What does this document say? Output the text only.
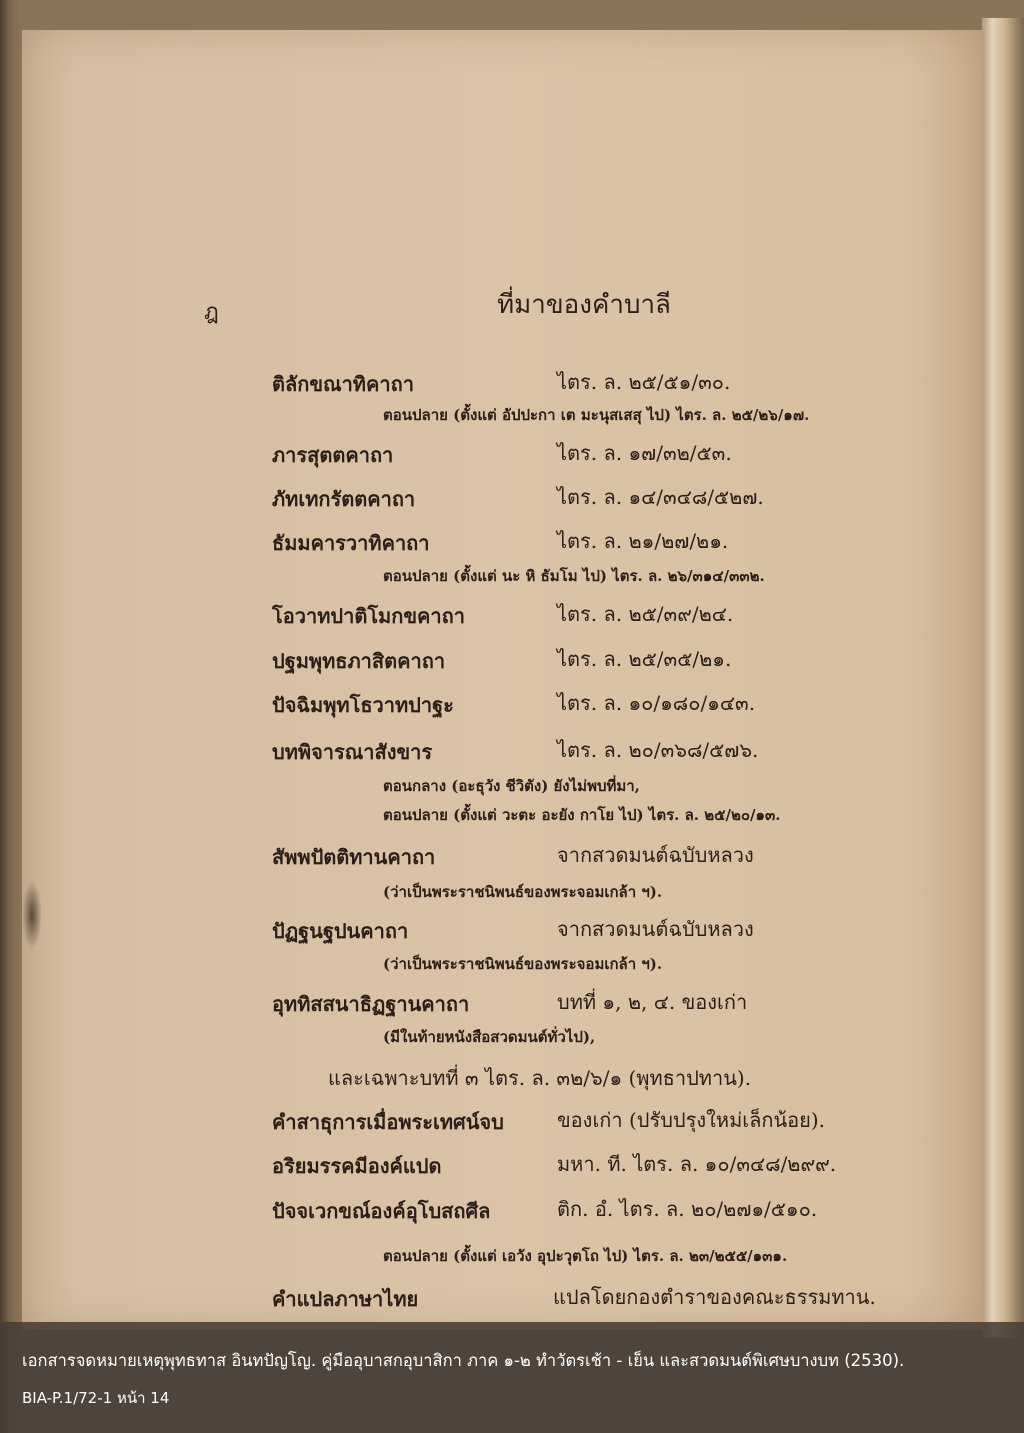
ฎ	ที่มาของคำบาลี
ติลักขณาทิคาถา	ไตร. ล. ๒๕/๕๑/๓๐.
ตอนปลาย (ตั้งแต่ อัปปะกา เต มะนุสเสสุ ไป) ไตร. ล. ๒๕/๒๖/๑๗.
ภารสุตตคาถา	ไตร. ล. ๑๗/๓๒/๕๓.
ภัทเทกรัตตคาถา	ไตร. ล. ๑๔/๓๔๘/๕๒๗.
ธัมมคารวาทิคาถา	ไตร. ล. ๒๑/๒๗/๒๑.
ตอนปลาย (ตั้งแต่ นะ หิ ธัมโม ไป) ไตร. ล. ๒๖/๓๑๔/๓๓๒.
โอวาทปาติโมกขคาถา	ไตร. ล. ๒๕/๓๙/๒๔.
ปฐมพุทธภาสิตคาถา	ไตร. ล. ๒๕/๓๕/๒๑.
ปัจฉิมพุทโธวาทปาฐะ	ไตร. ล. ๑๐/๑๘๐/๑๔๓.
บทพิจารณาสังขาร	ไตร. ล. ๒๐/๓๖๘/๕๗๖.
ตอนกลาง (อะธุวัง ชีวิตัง) ยังไม่พบที่มา,
ตอนปลาย (ตั้งแต่ วะตะ อะยัง กาโย ไป) ไตร. ล. ๒๕/๒๐/๑๓.
สัพพปัตติทานคาถา	จากสวดมนต์ฉบับหลวง
(ว่าเป็นพระราชนิพนธ์ของพระจอมเกล้า ฯ).
ปัฏฐนฐปนคาถา	จากสวดมนต์ฉบับหลวง
(ว่าเป็นพระราชนิพนธ์ของพระจอมเกล้า ฯ).
อุททิสสนาธิฏฐานคาถา	บทที่ ๑, ๒, ๔. ของเก่า
(มีในท้ายหนังสือสวดมนต์ทั่วไป),
และเฉพาะบทที่ ๓ ไตร. ล. ๓๒/๖/๑ (พุทธาปทาน).
คำสาธุการเมื่อพระเทศน์จบ	ของเก่า (ปรับปรุงใหม่เล็กน้อย).
อริยมรรคมีองค์แปด	มหา. ที. ไตร. ล. ๑๐/๓๔๘/๒๙๙.
ปัจจเวกขณ์องค์อุโบสถศีล	ติก. อํ. ไตร. ล. ๒๐/๒๗๑/๕๑๐.
ตอนปลาย (ตั้งแต่ เอวัง อุปะวุตโถ ไป) ไตร. ล. ๒๓/๒๕๕/๑๓๑.
คำแปลภาษาไทย	แปลโดยกองตำราของคณะธรรมทาน.
เอกสารจดหมายเหตุพุทธทาส อินทปัญโญ. คู่มืออุบาสกอุบาสิกา ภาค ๑-๒ ทำวัตรเช้า - เย็น และสวดมนต์พิเศษบางบท (2530).
BIA-P.1/72-1 หน้า 14
